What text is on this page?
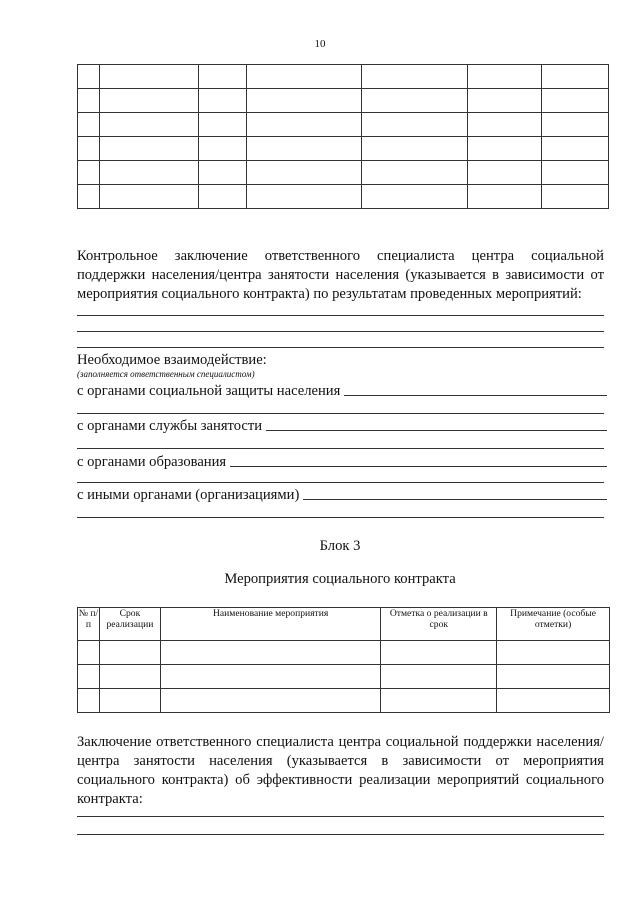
10

Контрольное заключение ответственного специалиста центра социальной поддержки населения/центра занятости населения (указывается в зависимости от мероприятия социального контракта) по результатам проведенных мероприятий:
Необходимое взаимодействие:
(заполняется ответственным специалистом)
с органами социальной защиты населения
с органами службы занятости
с органами образования
с иными органами (организациями)
Блок 3
Мероприятия социального контракта
№ п/п	Срок реализации	Наименование мероприятия	Отметка о реализации в срок	Примечание (особые отметки)

Заключение ответственного специалиста центра социальной поддержки населения/центра занятости населения (указывается в зависимости от мероприятия социального контракта) об эффективности реализации мероприятий социального контракта:
